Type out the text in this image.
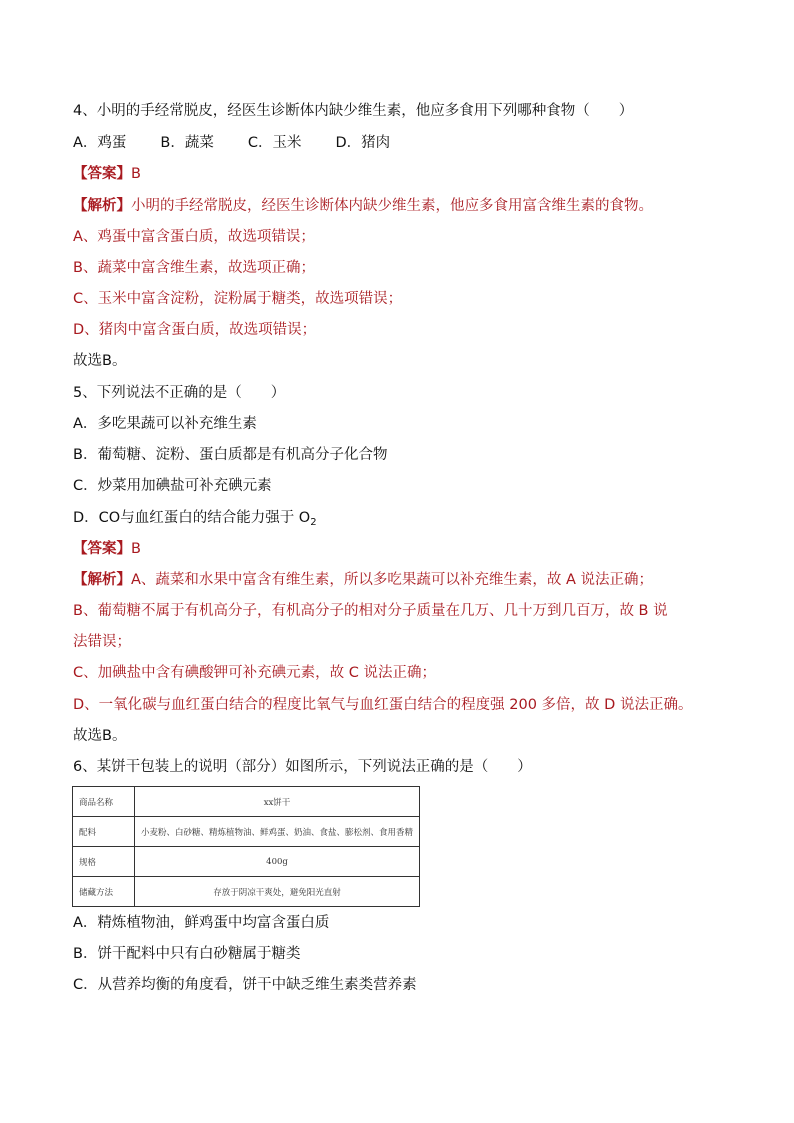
4、小明的手经常脱皮，经医生诊断体内缺少维生素，他应多食用下列哪种食物（　　）
A．鸡蛋 B．蔬菜 C．玉米 D．猪肉
【答案】B
【解析】小明的手经常脱皮，经医生诊断体内缺少维生素，他应多食用富含维生素的食物。
A、鸡蛋中富含蛋白质，故选项错误；
B、蔬菜中富含维生素，故选项正确；
C、玉米中富含淀粉，淀粉属于糖类，故选项错误；
D、猪肉中富含蛋白质，故选项错误；
故选B。
5、下列说法不正确的是（　　）
A．多吃果蔬可以补充维生素
B．葡萄糖、淀粉、蛋白质都是有机高分子化合物
C．炒菜用加碘盐可补充碘元素
D．CO与血红蛋白的结合能力强于 $O_2$
【答案】B
【解析】A、蔬菜和水果中富含有维生素，所以多吃果蔬可以补充维生素，故 A 说法正确；
B、葡萄糖不属于有机高分子，有机高分子的相对分子质量在几万、几十万到几百万，故 B 说
法错误；
C、加碘盐中含有碘酸钾可补充碘元素，故 C 说法正确；
D、一氧化碳与血红蛋白结合的程度比氧气与血红蛋白结合的程度强 200 多倍，故 D 说法正确。
故选B。
6、某饼干包装上的说明（部分）如图所示，下列说法正确的是（　　）
商品名称	xx饼干
配料	小麦粉、白砂糖、精炼植物油、鲜鸡蛋、奶油、食盐、膨松剂、食用香精
规格	400g
储藏方法	存放于阴凉干爽处，避免阳光直射
A．精炼植物油，鲜鸡蛋中均富含蛋白质
B．饼干配料中只有白砂糖属于糖类
C．从营养均衡的角度看，饼干中缺乏维生素类营养素
